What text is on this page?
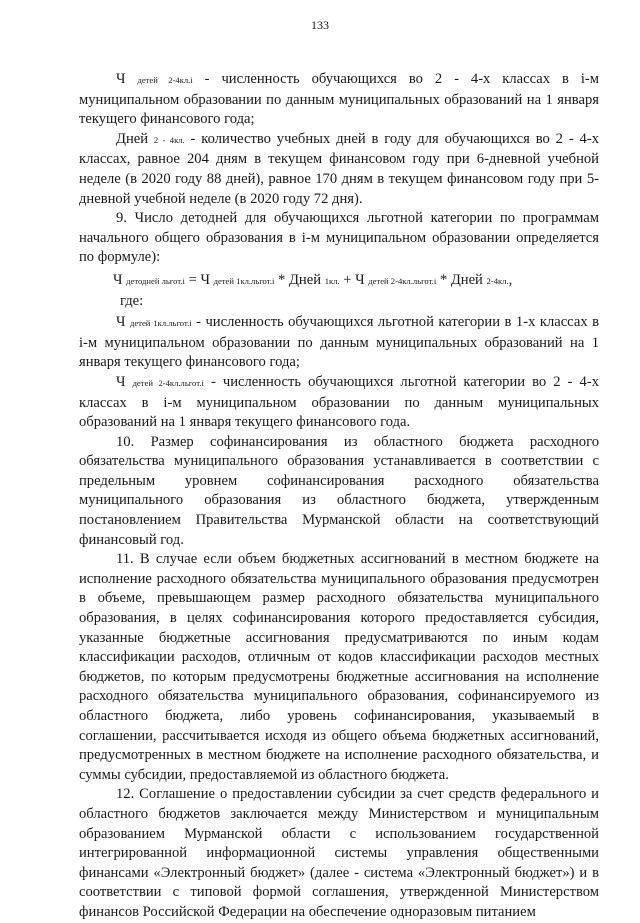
133

Ч детей 2-4кл.i - численность обучающихся во 2 - 4-х классах в i-м муниципальном образовании по данным муниципальных образований на 1 января текущего финансового года;

Дней 2 - 4кл. - количество учебных дней в году для обучающихся во 2 - 4-х классах, равное 204 дням в текущем финансовом году при 6-дневной учебной неделе (в 2020 году 88 дней), равное 170 дням в текущем финансовом году при 5-дневной учебной неделе (в 2020 году 72 дня).

9. Число детодней для обучающихся льготной категории по программам начального общего образования в i-м муниципальном образовании определяется по формуле):

Ч детодней льгот.i = Ч детей 1кл.льгот.i * Дней 1кл. + Ч детей 2-4кл.льгот.i * Дней 2-4кл.,
где:

Ч детей 1кл.льгот.i - численность обучающихся льготной категории в 1-х классах в i-м муниципальном образовании по данным муниципальных образований на 1 января текущего финансового года;

Ч детей 2-4кл.льгот.i - численность обучающихся льготной категории во 2 - 4-х классах в i-м муниципальном образовании по данным муниципальных образований на 1 января текущего финансового года.

10. Размер софинансирования из областного бюджета расходного обязательства муниципального образования устанавливается в соответствии с предельным уровнем софинансирования расходного обязательства муниципального образования из областного бюджета, утвержденным постановлением Правительства Мурманской области на соответствующий финансовый год.

11. В случае если объем бюджетных ассигнований в местном бюджете на исполнение расходного обязательства муниципального образования предусмотрен в объеме, превышающем размер расходного обязательства муниципального образования, в целях софинансирования которого предоставляется субсидия, указанные бюджетные ассигнования предусматриваются по иным кодам классификации расходов, отличным от кодов классификации расходов местных бюджетов, по которым предусмотрены бюджетные ассигнования на исполнение расходного обязательства муниципального образования, софинансируемого из областного бюджета, либо уровень софинансирования, указываемый в соглашении, рассчитывается исходя из общего объема бюджетных ассигнований, предусмотренных в местном бюджете на исполнение расходного обязательства, и суммы субсидии, предоставляемой из областного бюджета.

12. Соглашение о предоставлении субсидии за счет средств федерального и областного бюджетов заключается между Министерством и муниципальным образованием Мурманской области с использованием государственной интегрированной информационной системы управления общественными финансами «Электронный бюджет» (далее - система «Электронный бюджет») и в соответствии с типовой формой соглашения, утвержденной Министерством финансов Российской Федерации на обеспечение одноразовым питанием
